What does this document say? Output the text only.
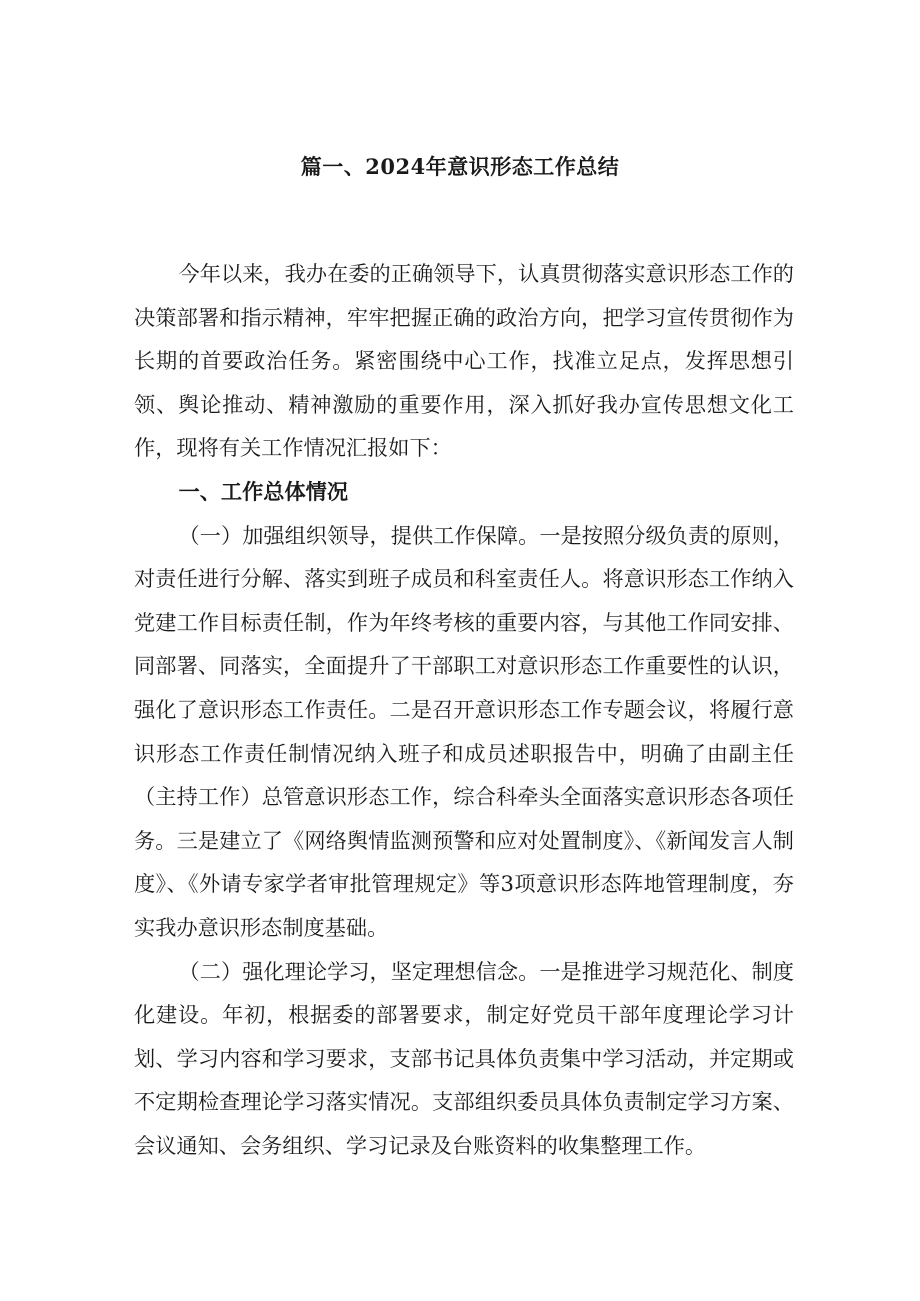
篇一、2024年意识形态工作总结

今年以来，我办在委的正确领导下，认真贯彻落实意识形态工作的决策部署和指示精神，牢牢把握正确的政治方向，把学习宣传贯彻作为长期的首要政治任务。紧密围绕中心工作，找准立足点，发挥思想引领、舆论推动、精神激励的重要作用，深入抓好我办宣传思想文化工作，现将有关工作情况汇报如下：

一、工作总体情况

（一）加强组织领导，提供工作保障。一是按照分级负责的原则，对责任进行分解、落实到班子成员和科室责任人。将意识形态工作纳入党建工作目标责任制，作为年终考核的重要内容，与其他工作同安排、同部署、同落实，全面提升了干部职工对意识形态工作重要性的认识，强化了意识形态工作责任。二是召开意识形态工作专题会议，将履行意识形态工作责任制情况纳入班子和成员述职报告中，明确了由副主任（主持工作）总管意识形态工作，综合科牵头全面落实意识形态各项任务。三是建立了《网络舆情监测预警和应对处置制度》、《新闻发言人制度》、《外请专家学者审批管理规定》等3项意识形态阵地管理制度，夯实我办意识形态制度基础。

（二）强化理论学习，坚定理想信念。一是推进学习规范化、制度化建设。年初，根据委的部署要求，制定好党员干部年度理论学习计划、学习内容和学习要求，支部书记具体负责集中学习活动，并定期或不定期检查理论学习落实情况。支部组织委员具体负责制定学习方案、会议通知、会务组织、学习记录及台账资料的收集整理工作。
